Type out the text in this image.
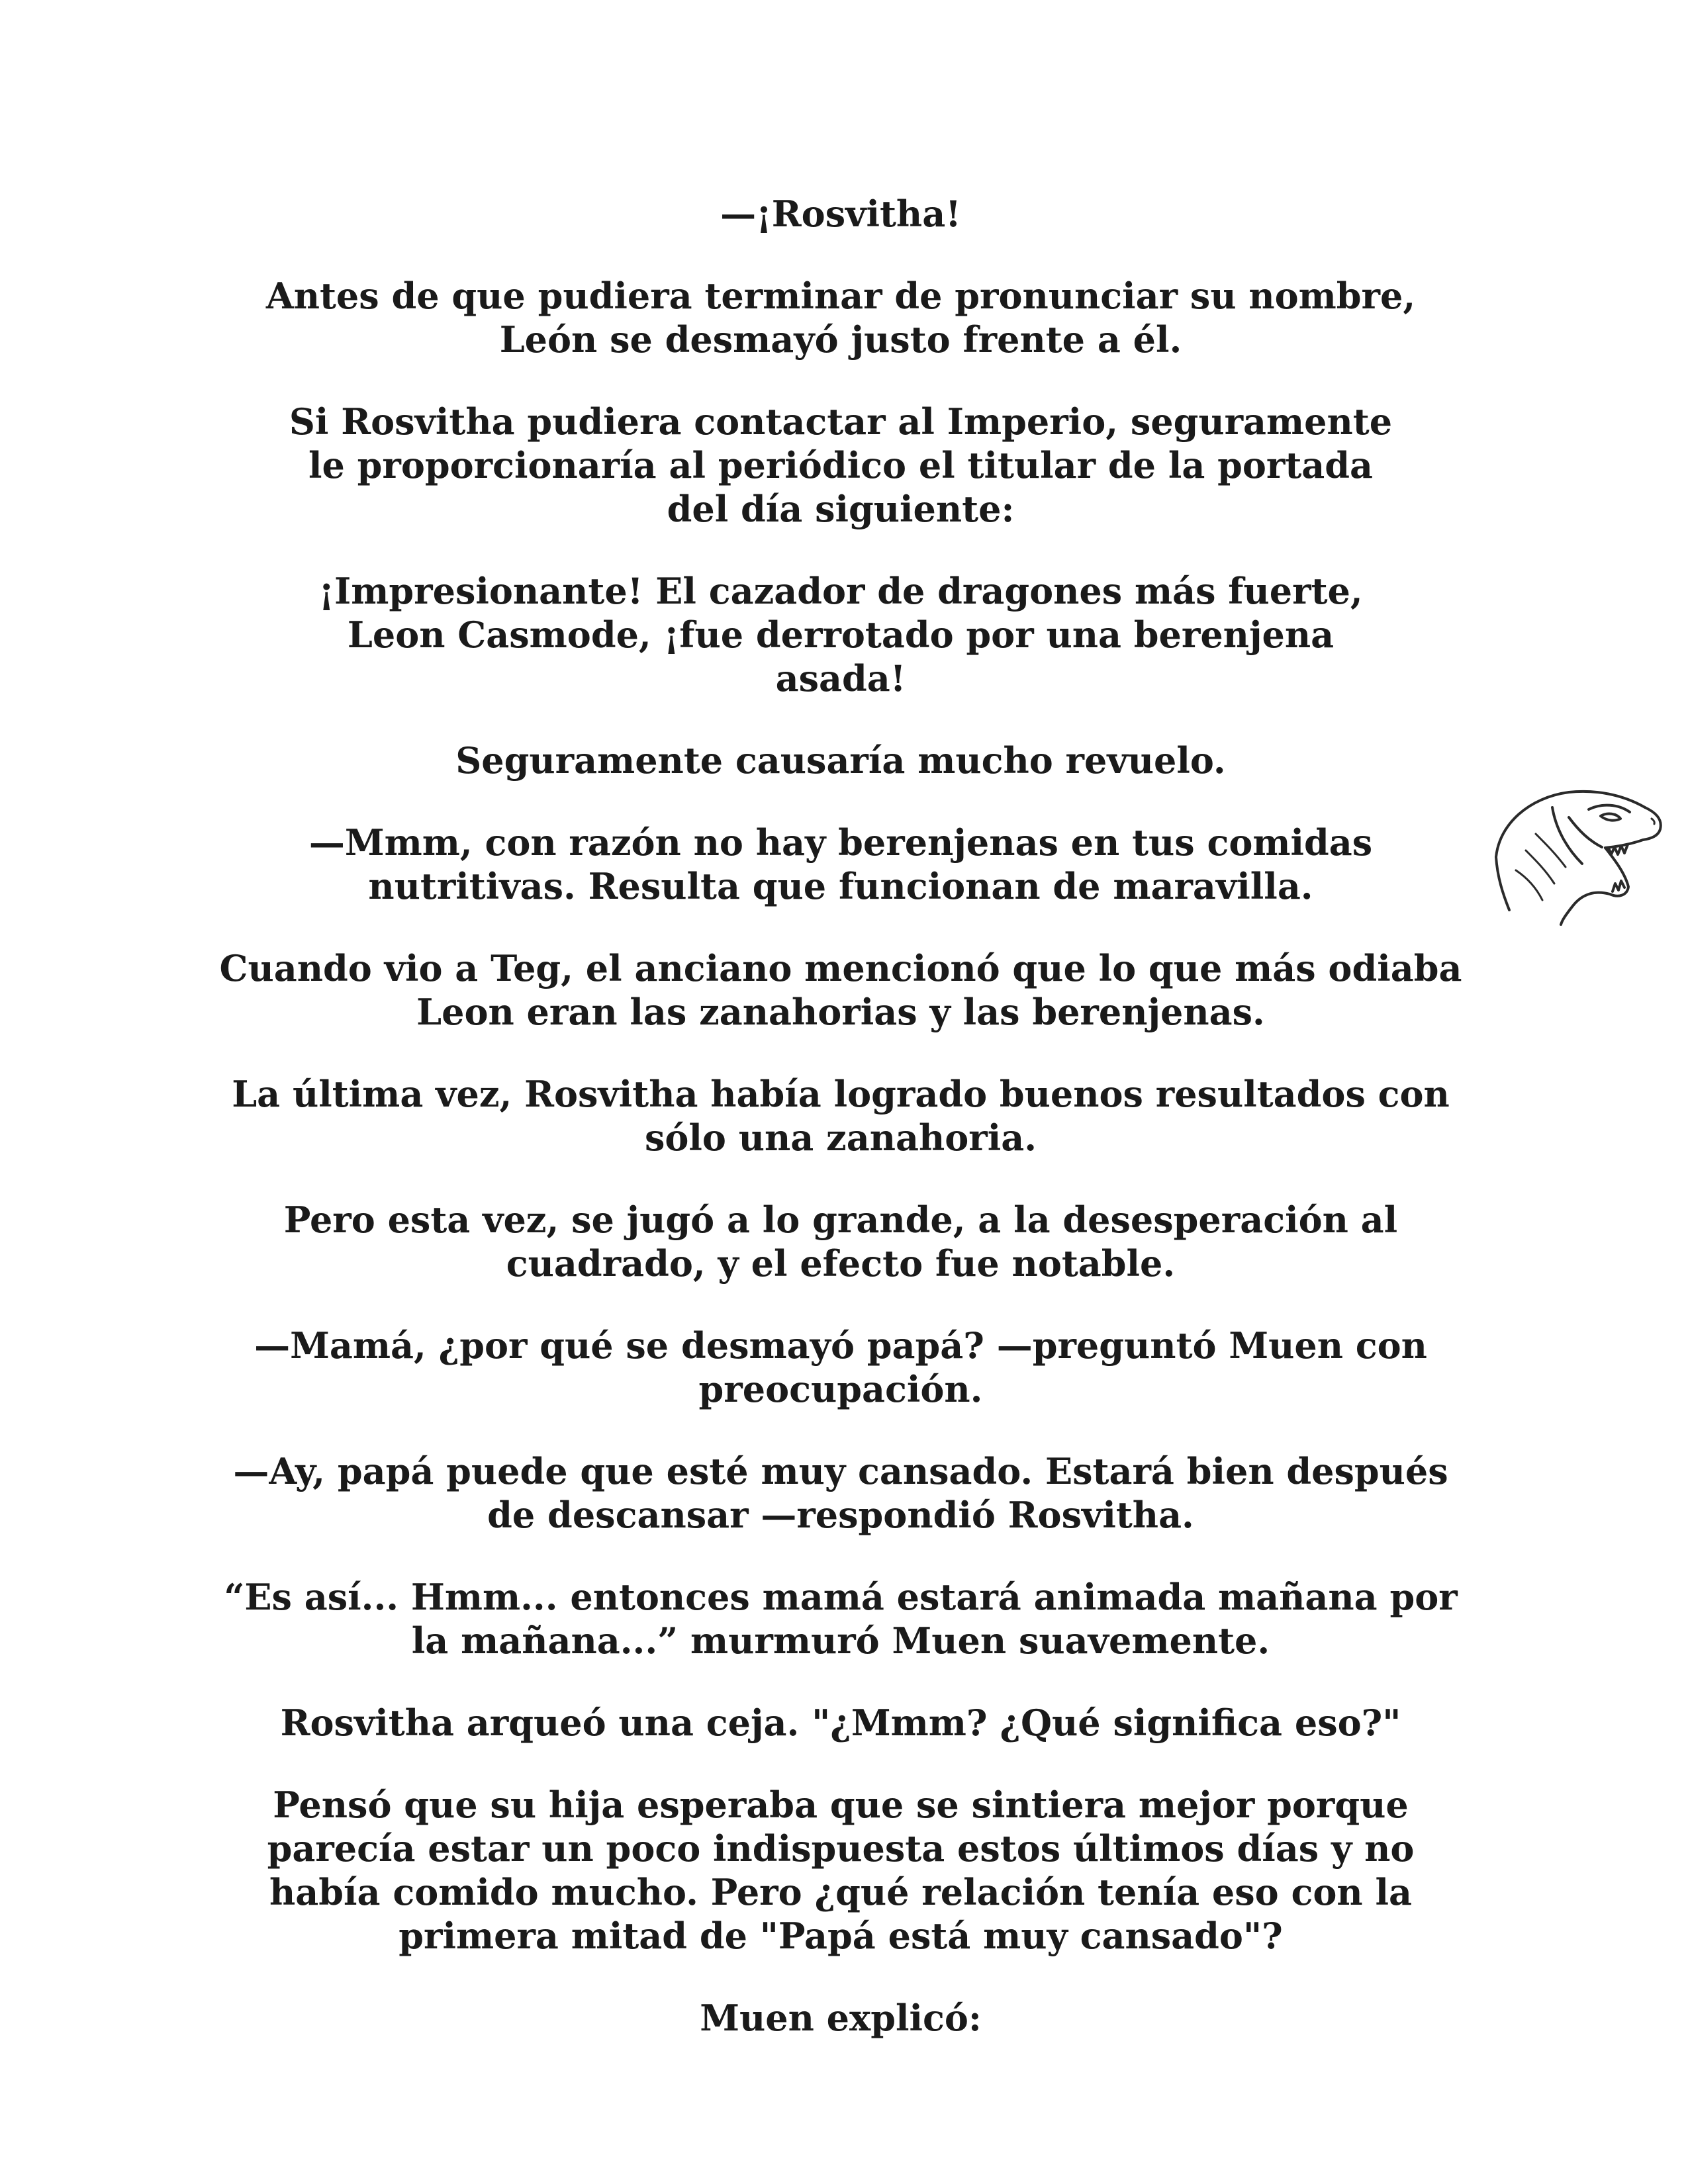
—¡Rosvitha!

Antes de que pudiera terminar de pronunciar su nombre, León se desmayó justo frente a él.

Si Rosvitha pudiera contactar al Imperio, seguramente le proporcionaría al periódico el titular de la portada del día siguiente:

¡Impresionante! El cazador de dragones más fuerte, Leon Casmode, ¡fue derrotado por una berenjena asada!

Seguramente causaría mucho revuelo.

—Mmm, con razón no hay berenjenas en tus comidas nutritivas. Resulta que funcionan de maravilla.

Cuando vio a Teg, el anciano mencionó que lo que más odiaba Leon eran las zanahorias y las berenjenas.

La última vez, Rosvitha había logrado buenos resultados con sólo una zanahoria.

Pero esta vez, se jugó a lo grande, a la desesperación al cuadrado, y el efecto fue notable.

—Mamá, ¿por qué se desmayó papá? —preguntó Muen con preocupación.

—Ay, papá puede que esté muy cansado. Estará bien después de descansar —respondió Rosvitha.

“Es así... Hmm... entonces mamá estará animada mañana por la mañana...” murmuró Muen suavemente.

Rosvitha arqueó una ceja. "¿Mmm? ¿Qué significa eso?"

Pensó que su hija esperaba que se sintiera mejor porque parecía estar un poco indispuesta estos últimos días y no había comido mucho. Pero ¿qué relación tenía eso con la primera mitad de "Papá está muy cansado"?

Muen explicó:
